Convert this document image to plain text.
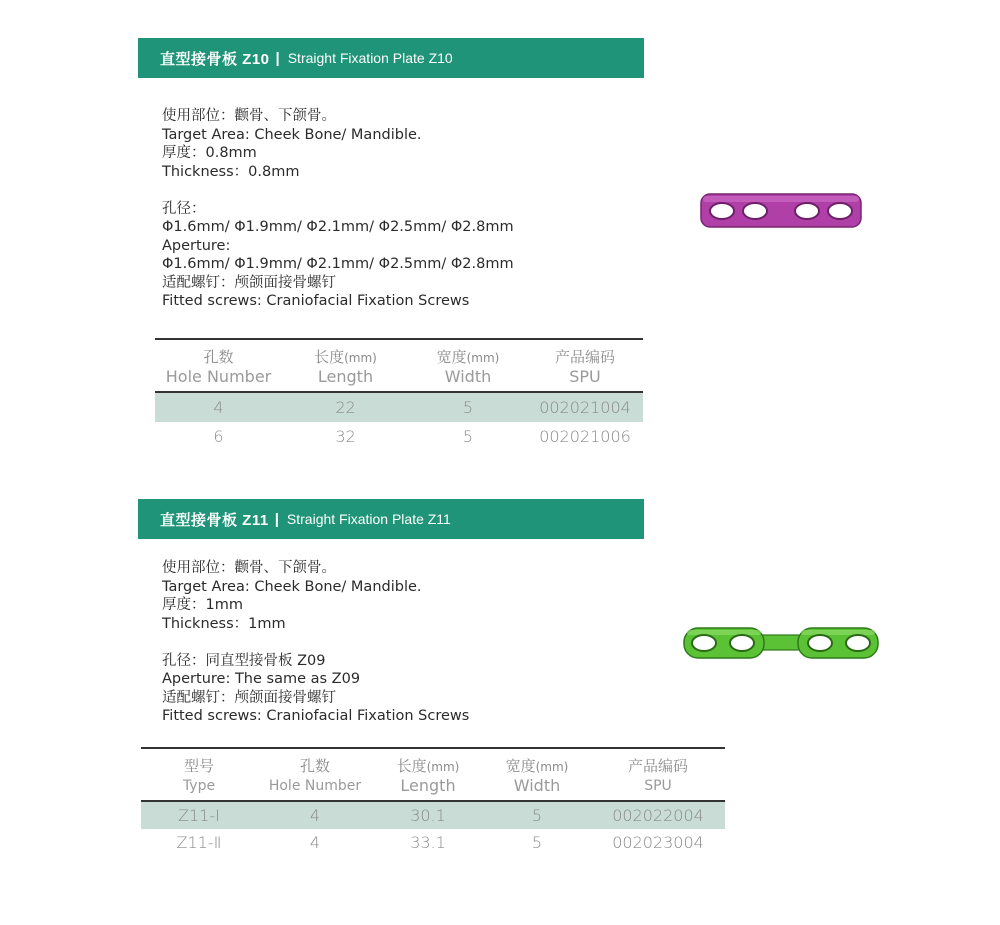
直型接骨板 Z10 | Straight Fixation Plate Z10
使用部位：颧骨、下颌骨。
Target Area: Cheek Bone/ Mandible.
厚度：0.8mm
Thickness：0.8mm
孔径：
Φ1.6mm/ Φ1.9mm/ Φ2.1mm/ Φ2.5mm/ Φ2.8mm
Aperture:
Φ1.6mm/ Φ1.9mm/ Φ2.1mm/ Φ2.5mm/ Φ2.8mm
适配螺钉：颅颌面接骨螺钉
Fitted screws: Craniofacial Fixation Screws
孔数	长度(mm)	宽度(mm)	产品编码
Hole Number	Length	Width	SPU
4	22	5	002021004
6	32	5	002021006
直型接骨板 Z11 | Straight Fixation Plate Z11
使用部位：颧骨、下颌骨。
Target Area: Cheek Bone/ Mandible.
厚度：1mm
Thickness：1mm
孔径：同直型接骨板 Z09
Aperture: The same as Z09
适配螺钉：颅颌面接骨螺钉
Fitted screws: Craniofacial Fixation Screws
型号	孔数	长度(mm)	宽度(mm)	产品编码
Type	Hole Number	Length	Width	SPU
Z11-Ⅰ	4	30.1	5	002022004
Z11-Ⅱ	4	33.1	5	002023004
